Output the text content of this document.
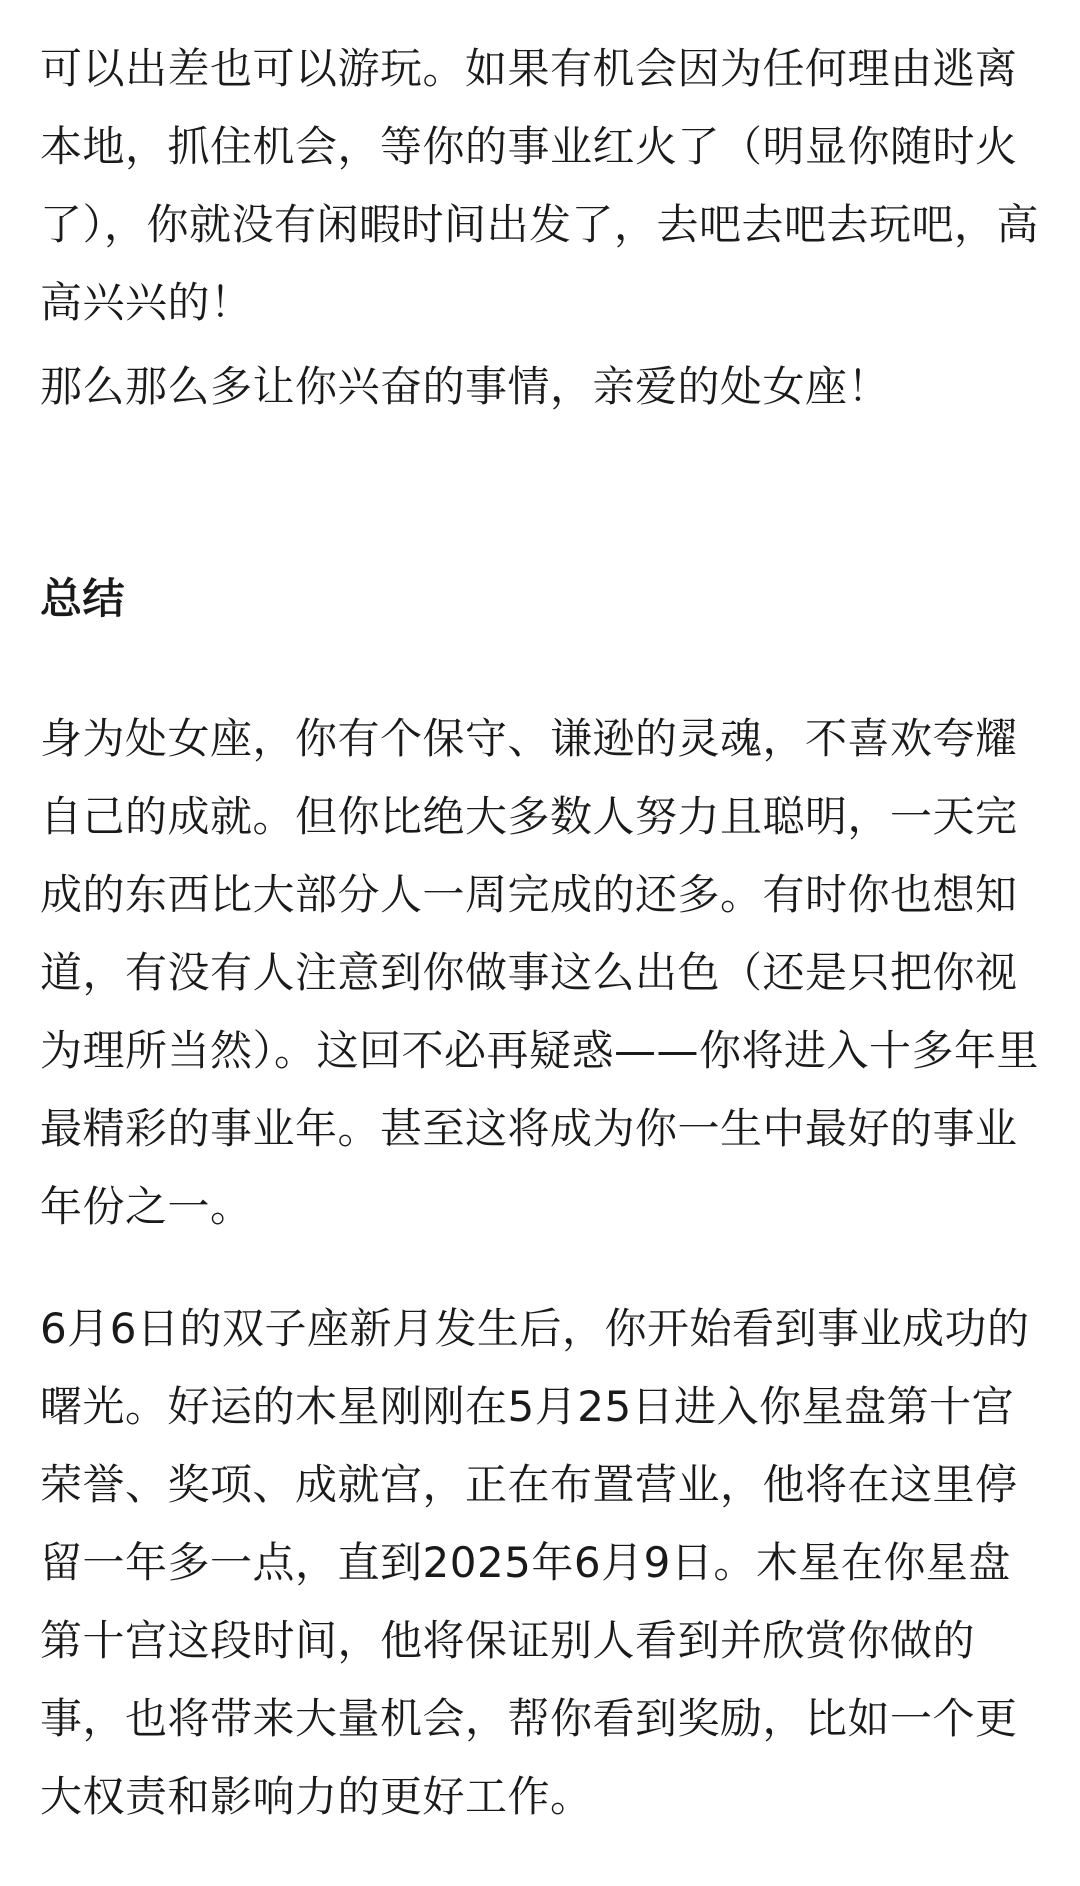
可以出差也可以游玩。如果有机会因为任何理由逃离本地，抓住机会，等你的事业红火了（明显你随时火了），你就没有闲暇时间出发了，去吧去吧去玩吧，高高兴兴的！

那么那么多让你兴奋的事情，亲爱的处女座！

总结

身为处女座，你有个保守、谦逊的灵魂，不喜欢夸耀自己的成就。但你比绝大多数人努力且聪明，一天完成的东西比大部分人一周完成的还多。有时你也想知道，有没有人注意到你做事这么出色（还是只把你视为理所当然）。这回不必再疑惑——你将进入十多年里最精彩的事业年。甚至这将成为你一生中最好的事业年份之一。

6月6日的双子座新月发生后，你开始看到事业成功的曙光。好运的木星刚刚在5月25日进入你星盘第十宫荣誉、奖项、成就宫，正在布置营业，他将在这里停留一年多一点，直到2025年6月9日。木星在你星盘第十宫这段时间，他将保证别人看到并欣赏你做的事，也将带来大量机会，帮你看到奖励，比如一个更大权责和影响力的更好工作。
